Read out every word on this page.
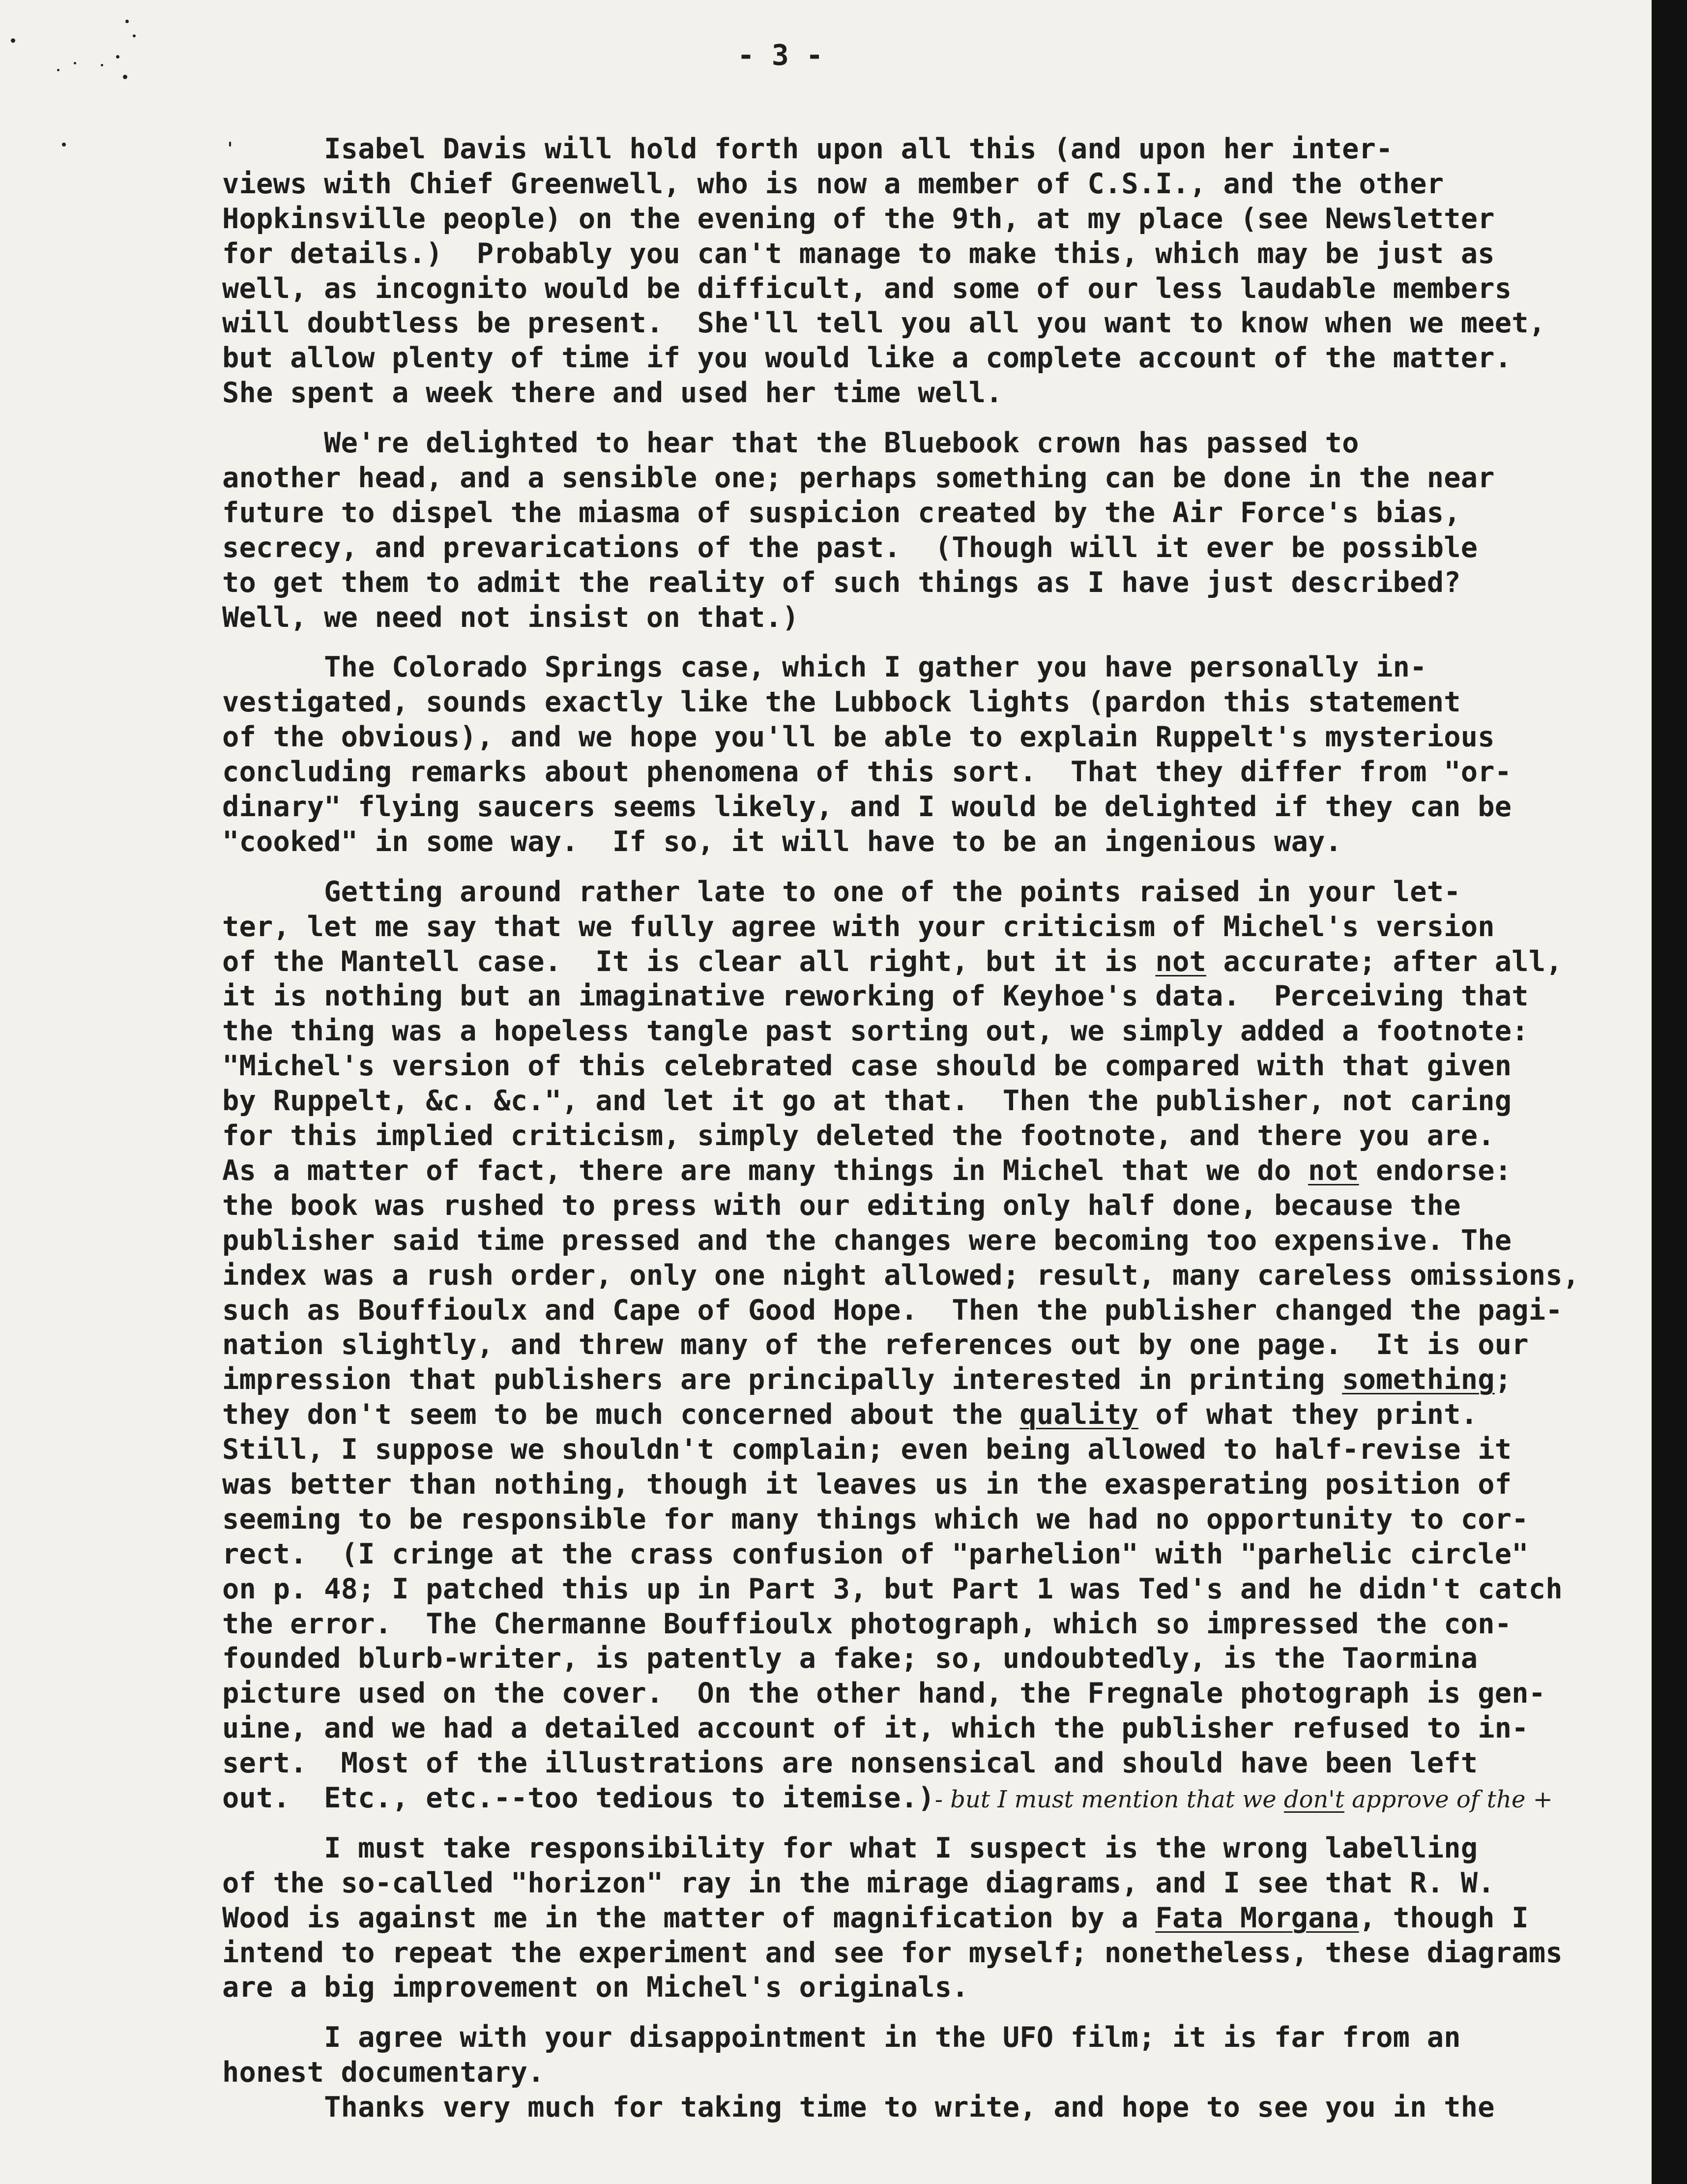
- 3 -
Isabel Davis will hold forth upon all this (and upon her inter-
views with Chief Greenwell, who is now a member of C.S.I., and the other
Hopkinsville people) on the evening of the 9th, at my place (see Newsletter
for details.)  Probably you can't manage to make this, which may be just as
well, as incognito would be difficult, and some of our less laudable members
will doubtless be present.  She'll tell you all you want to know when we meet,
but allow plenty of time if you would like a complete account of the matter.
She spent a week there and used her time well.
We're delighted to hear that the Bluebook crown has passed to
another head, and a sensible one; perhaps something can be done in the near
future to dispel the miasma of suspicion created by the Air Force's bias,
secrecy, and prevarications of the past.  (Though will it ever be possible
to get them to admit the reality of such things as I have just described?
Well, we need not insist on that.)
The Colorado Springs case, which I gather you have personally in-
vestigated, sounds exactly like the Lubbock lights (pardon this statement
of the obvious), and we hope you'll be able to explain Ruppelt's mysterious
concluding remarks about phenomena of this sort.  That they differ from "or-
dinary" flying saucers seems likely, and I would be delighted if they can be
"cooked" in some way.  If so, it will have to be an ingenious way.
Getting around rather late to one of the points raised in your let-
ter, let me say that we fully agree with your criticism of Michel's version
of the Mantell case.  It is clear all right, but it is not accurate; after all,
it is nothing but an imaginative reworking of Keyhoe's data.  Perceiving that
the thing was a hopeless tangle past sorting out, we simply added a footnote:
"Michel's version of this celebrated case should be compared with that given
by Ruppelt, &c. &c.", and let it go at that.  Then the publisher, not caring
for this implied criticism, simply deleted the footnote, and there you are.
As a matter of fact, there are many things in Michel that we do not endorse:
the book was rushed to press with our editing only half done, because the
publisher said time pressed and the changes were becoming too expensive. The
index was a rush order, only one night allowed; result, many careless omissions,
such as Bouffioulx and Cape of Good Hope.  Then the publisher changed the pagi-
nation slightly, and threw many of the references out by one page.  It is our
impression that publishers are principally interested in printing something;
they don't seem to be much concerned about the quality of what they print.
Still, I suppose we shouldn't complain; even being allowed to half-revise it
was better than nothing, though it leaves us in the exasperating position of
seeming to be responsible for many things which we had no opportunity to cor-
rect.  (I cringe at the crass confusion of "parhelion" with "parhelic circle"
on p. 48; I patched this up in Part 3, but Part 1 was Ted's and he didn't catch
the error.  The Chermanne Bouffioulx photograph, which so impressed the con-
founded blurb-writer, is patently a fake; so, undoubtedly, is the Taormina
picture used on the cover.  On the other hand, the Fregnale photograph is gen-
uine, and we had a detailed account of it, which the publisher refused to in-
sert.  Most of the illustrations are nonsensical and should have been left
out.  Etc., etc.--too tedious to itemise.)- but I must mention that we don't approve of the +
I must take responsibility for what I suspect is the wrong labelling
of the so-called "horizon" ray in the mirage diagrams, and I see that R. W.
Wood is against me in the matter of magnification by a Fata Morgana, though I
intend to repeat the experiment and see for myself; nonetheless, these diagrams
are a big improvement on Michel's originals.
I agree with your disappointment in the UFO film; it is far from an
honest documentary.
Thanks very much for taking time to write, and hope to see you in the
